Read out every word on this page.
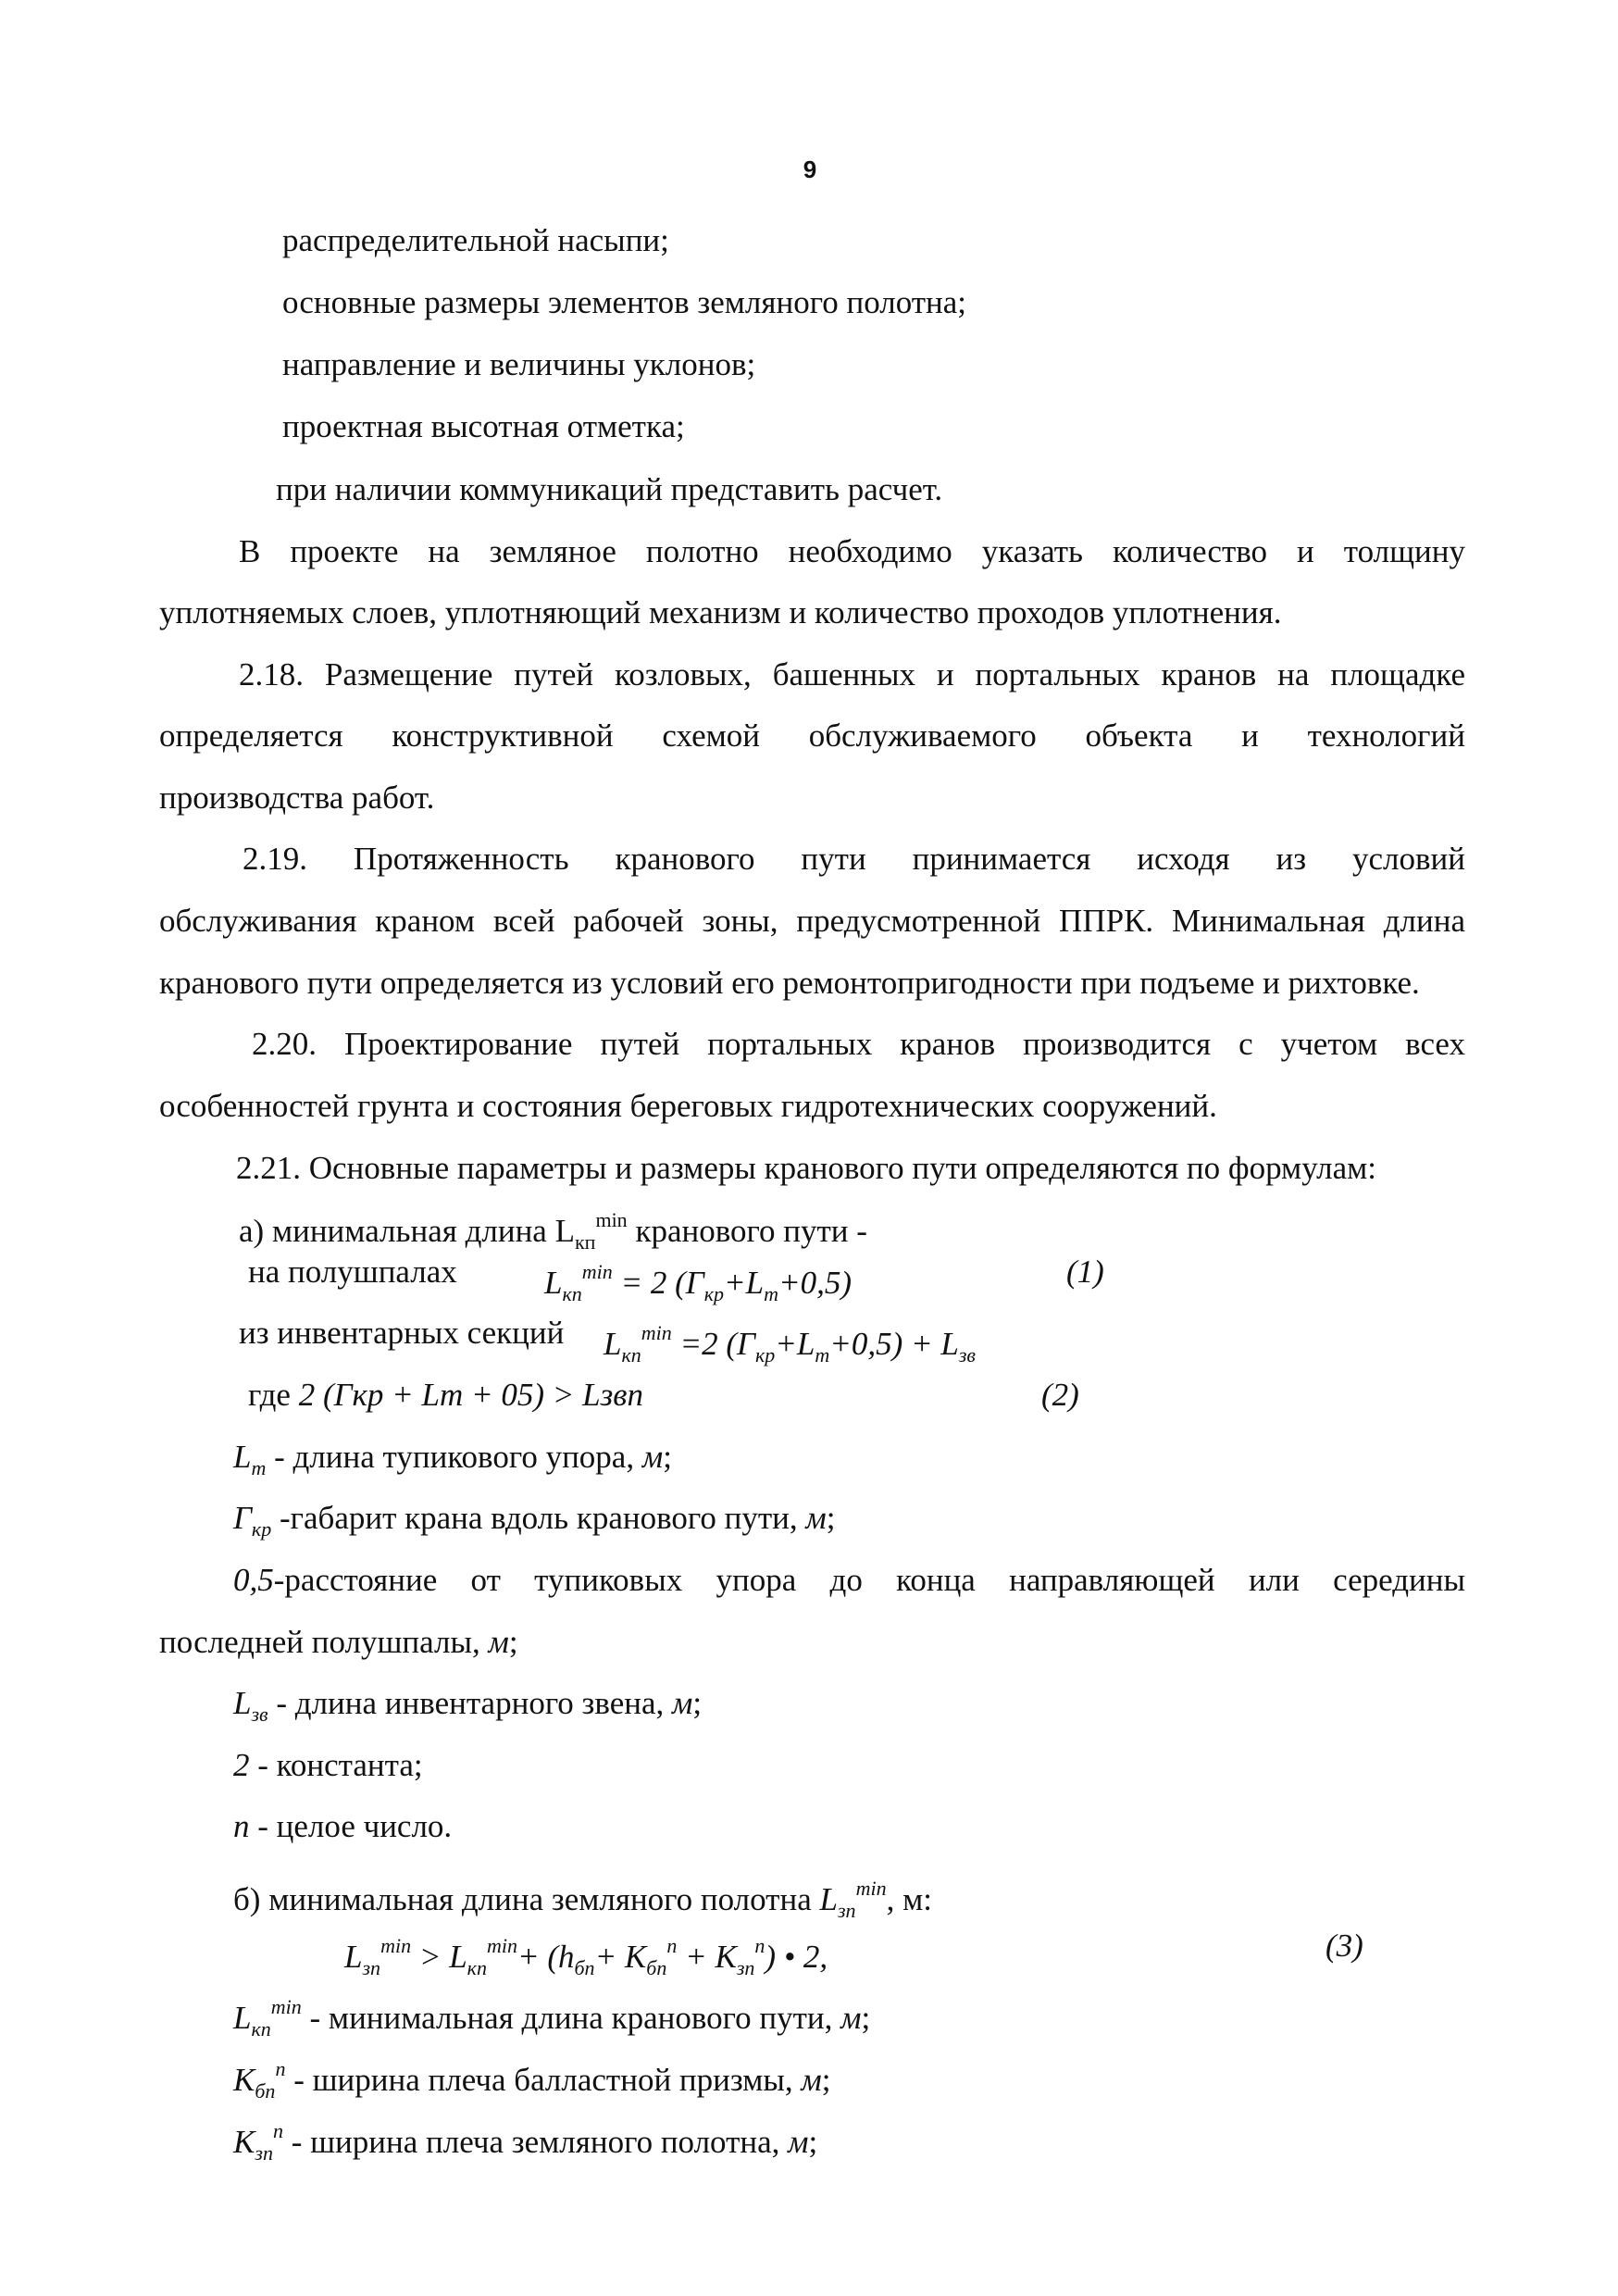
9
распределительной насыпи;
основные размеры элементов земляного полотна;
направление и величины уклонов;
проектная высотная отметка;
при наличии коммуникаций представить расчет.
В проекте на земляное полотно необходимо указать количество и толщину
уплотняемых слоев, уплотняющий механизм и количество проходов уплотнения.
2.18. Размещение путей козловых, башенных и портальных кранов на площадке
определяется конструктивной схемой обслуживаемого объекта и технологий
производства работ.
2.19. Протяженность кранового пути принимается исходя из условий
обслуживания краном всей рабочей зоны, предусмотренной ППРК. Минимальная длина
кранового пути определяется из условий его ремонтопригодности при подъеме и рихтовке.
2.20. Проектирование путей портальных кранов производится с учетом всех
особенностей грунта и состояния береговых гидротехнических сооружений.
2.21. Основные параметры и размеры кранового пути определяются по формулам:
а) минимальная длина $L_{кп}^{min}$ кранового пути -
на полушпалах	$L_{кп}^{min} = 2$ $(Г_{кр}+L_т+0,5)$	(1)
из инвентарных секций $L_{кп}^{min} =2$ $(Г_{кр}+L_т+0,5) + L_{зв}$
где 2 (Гкр + Lm + 05) > Lзвп	(2)
$L_т$ - длина тупикового упора, м;
$Г_{кр}$ -габарит крана вдоль кранового пути, м;
0,5-расстояние от тупиковых упора до конца направляющей или середины
последней полушпалы, м;
$L_{зв}$ - длина инвентарного звена, м;
2 - константа;
n - целое число.
б) минимальная длина земляного полотна $L_{зп}^{min}$, м:
$L_{зп}^{min} > L_{кп}^{min}+ (h_{бп}+ K_{бп}^п + K_{зп}^п)$ • 2,	(3)
$L_{кп}^{min}$ - минимальная длина кранового пути, м;
$K_{бп}^п$ - ширина плеча балластной призмы, м;
$K_{зп}^п$ - ширина плеча земляного полотна, м;
